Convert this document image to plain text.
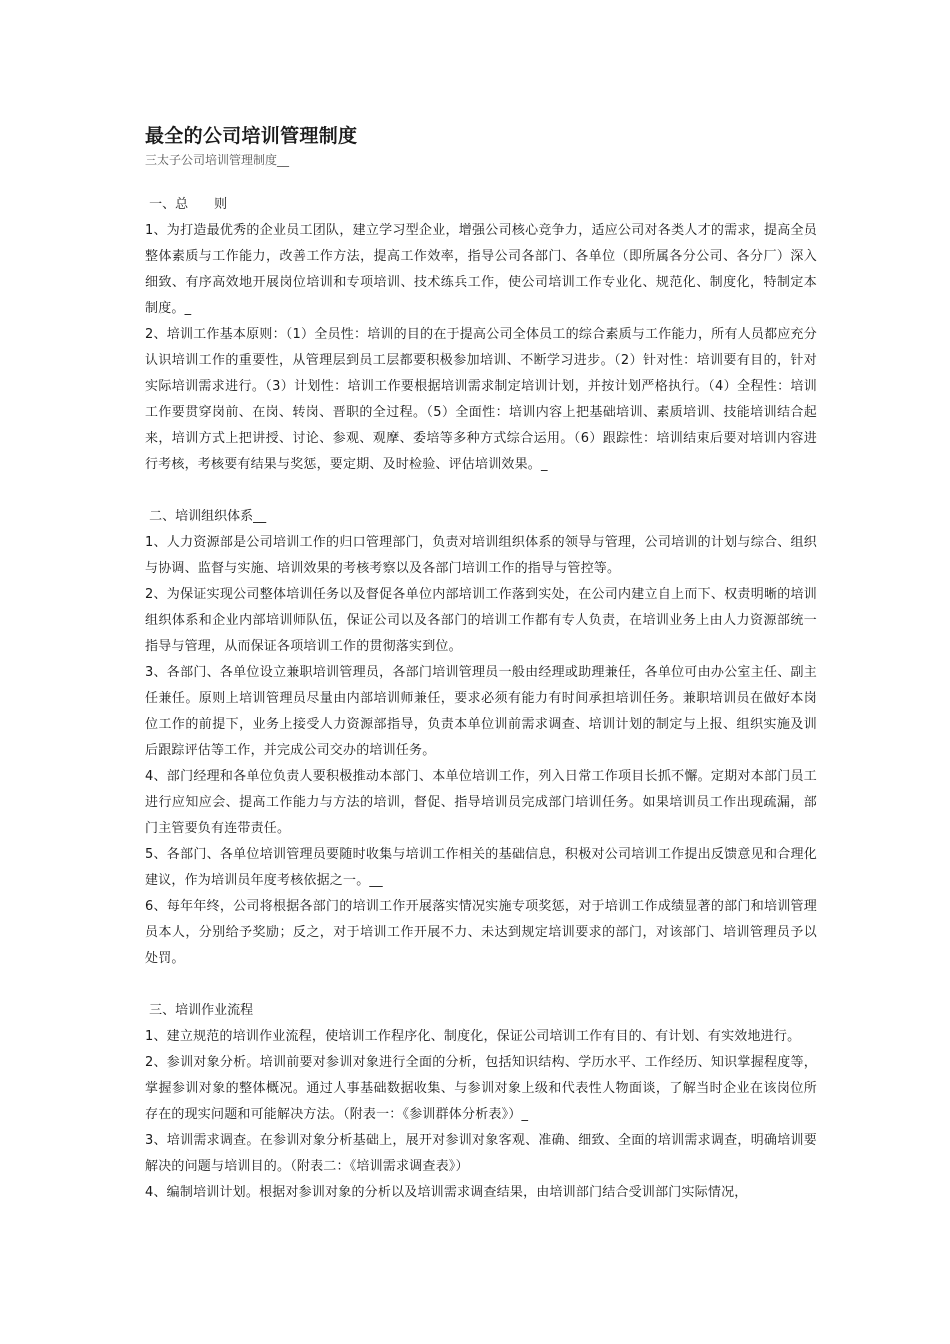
最全的公司培训管理制度
三太子公司培训管理制度__
一、总　　则

1、为打造最优秀的企业员工团队，建立学习型企业，增强公司核心竞争力，适应公司对各类人才的需求，提高全员整体素质与工作能力，改善工作方法，提高工作效率，指导公司各部门、各单位（即所属各分公司、各分厂）深入细致、有序高效地开展岗位培训和专项培训、技术练兵工作，使公司培训工作专业化、规范化、制度化，特制定本制度。_

2、培训工作基本原则：（1）全员性：培训的目的在于提高公司全体员工的综合素质与工作能力，所有人员都应充分认识培训工作的重要性，从管理层到员工层都要积极参加培训、不断学习进步。（2）针对性：培训要有目的，针对实际培训需求进行。（3）计划性：培训工作要根据培训需求制定培训计划，并按计划严格执行。（4）全程性：培训工作要贯穿岗前、在岗、转岗、晋职的全过程。（5）全面性：培训内容上把基础培训、素质培训、技能培训结合起来，培训方式上把讲授、讨论、参观、观摩、委培等多种方式综合运用。（6）跟踪性：培训结束后要对培训内容进行考核，考核要有结果与奖惩，要定期、及时检验、评估培训效果。_

二、培训组织体系__

1、人力资源部是公司培训工作的归口管理部门，负责对培训组织体系的领导与管理，公司培训的计划与综合、组织与协调、监督与实施、培训效果的考核考察以及各部门培训工作的指导与管控等。

2、为保证实现公司整体培训任务以及督促各单位内部培训工作落到实处，在公司内建立自上而下、权责明晰的培训组织体系和企业内部培训师队伍，保证公司以及各部门的培训工作都有专人负责，在培训业务上由人力资源部统一指导与管理，从而保证各项培训工作的贯彻落实到位。

3、各部门、各单位设立兼职培训管理员，各部门培训管理员一般由经理或助理兼任，各单位可由办公室主任、副主任兼任。原则上培训管理员尽量由内部培训师兼任，要求必须有能力有时间承担培训任务。兼职培训员在做好本岗位工作的前提下，业务上接受人力资源部指导，负责本单位训前需求调查、培训计划的制定与上报、组织实施及训后跟踪评估等工作，并完成公司交办的培训任务。

4、部门经理和各单位负责人要积极推动本部门、本单位培训工作，列入日常工作项目长抓不懈。定期对本部门员工进行应知应会、提高工作能力与方法的培训，督促、指导培训员完成部门培训任务。如果培训员工作出现疏漏，部门主管要负有连带责任。

5、各部门、各单位培训管理员要随时收集与培训工作相关的基础信息，积极对公司培训工作提出反馈意见和合理化建议，作为培训员年度考核依据之一。__

6、每年年终，公司将根据各部门的培训工作开展落实情况实施专项奖惩，对于培训工作成绩显著的部门和培训管理员本人，分别给予奖励；反之，对于培训工作开展不力、未达到规定培训要求的部门，对该部门、培训管理员予以处罚。

三、培训作业流程

1、建立规范的培训作业流程，使培训工作程序化、制度化，保证公司培训工作有目的、有计划、有实效地进行。

2、参训对象分析。培训前要对参训对象进行全面的分析，包括知识结构、学历水平、工作经历、知识掌握程度等，掌握参训对象的整体概况。通过人事基础数据收集、与参训对象上级和代表性人物面谈，了解当时企业在该岗位所存在的现实问题和可能解决方法。（附表一：《参训群体分析表》）_

3、培训需求调查。在参训对象分析基础上，展开对参训对象客观、准确、细致、全面的培训需求调查，明确培训要解决的问题与培训目的。（附表二：《培训需求调查表》）

4、编制培训计划。根据对参训对象的分析以及培训需求调查结果，由培训部门结合受训部门实际情况，
